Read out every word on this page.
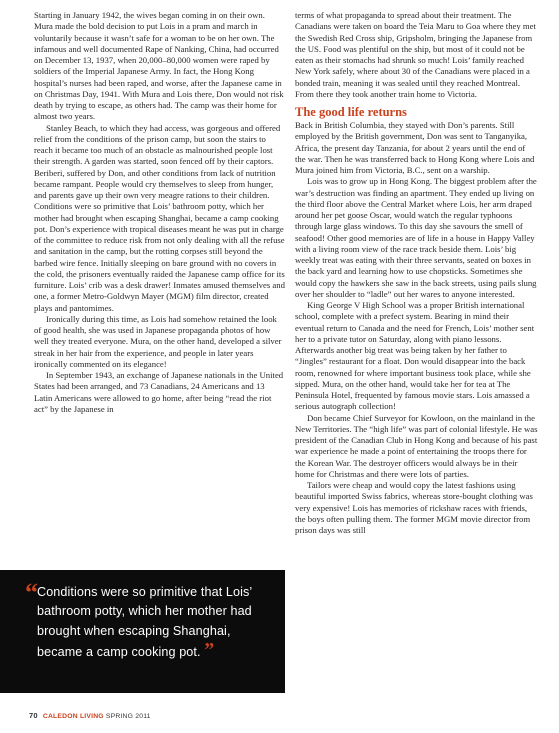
Starting in January 1942, the wives began coming in on their own. Mura made the bold decision to put Lois in a pram and march in voluntarily because it wasn’t safe for a woman to be on her own. The infamous and well documented Rape of Nanking, China, had occurred on December 13, 1937, when 20,000–80,000 women were raped by soldiers of the Imperial Japanese Army. In fact, the Hong Kong hospital’s nurses had been raped, and worse, after the Japanese came in on Christmas Day, 1941. With Mura and Lois there, Don would not risk death by trying to escape, as others had. The camp was their home for almost two years.

Stanley Beach, to which they had access, was gorgeous and offered relief from the conditions of the prison camp, but soon the stairs to reach it became too much of an obstacle as malnourished people lost their strength. A garden was started, soon fenced off by their captors. Beriberi, suffered by Don, and other conditions from lack of nutrition became rampant. People would cry themselves to sleep from hunger, and parents gave up their own very meagre rations to their children. Conditions were so primitive that Lois’ bathroom potty, which her mother had brought when escaping Shanghai, became a camp cooking pot. Don’s experience with tropical diseases meant he was put in charge of the committee to reduce risk from not only dealing with all the refuse and sanitation in the camp, but the rotting corpses still beyond the barbed wire fence. Initially sleeping on bare ground with no covers in the cold, the prisoners eventually raided the Japanese camp office for its furniture. Lois’ crib was a desk drawer! Inmates amused themselves and one, a former Metro-Goldwyn Mayer (MGM) film director, created plays and pantomimes.

Ironically during this time, as Lois had somehow retained the look of good health, she was used in Japanese propaganda photos of how well they treated everyone. Mura, on the other hand, developed a silver streak in her hair from the experience, and people in later years ironically commented on its elegance!

In September 1943, an exchange of Japanese nationals in the United States had been arranged, and 73 Canadians, 24 Americans and 13 Latin Americans were allowed to go home, after being “read the riot act” by the Japanese in

“ Conditions were so primitive that Lois’ bathroom potty, which her mother had brought when escaping Shanghai, became a camp cooking pot. ”

terms of what propaganda to spread about their treatment. The Canadians were taken on board the Teia Maru to Goa where they met the Swedish Red Cross ship, Gripsholm, bringing the Japanese from the US. Food was plentiful on the ship, but most of it could not be eaten as their stomachs had shrunk so much! Lois’ family reached New York safely, where about 30 of the Canadians were placed in a bonded train, meaning it was sealed until they reached Montreal. From there they took another train home to Victoria.

The good life returns

Back in British Columbia, they stayed with Don’s parents. Still employed by the British government, Don was sent to Tanganyika, Africa, the present day Tanzania, for about 2 years until the end of the war. Then he was transferred back to Hong Kong where Lois and Mura joined him from Victoria, B.C., sent on a warship.

Lois was to grow up in Hong Kong. The biggest problem after the war’s destruction was finding an apartment. They ended up living on the third floor above the Central Market where Lois, her arm draped around her pet goose Oscar, would watch the regular typhoons through large glass windows. To this day she savours the smell of seafood! Other good memories are of life in a house in Happy Valley with a living room view of the race track beside them. Lois’ big weekly treat was eating with their three servants, seated on boxes in the back yard and learning how to use chopsticks. Sometimes she would copy the hawkers she saw in the back streets, using pails slung over her shoulder to “ladle” out her wares to anyone interested.

King George V High School was a proper British international school, complete with a prefect system. Bearing in mind their eventual return to Canada and the need for French, Lois’ mother sent her to a private tutor on Saturday, along with piano lessons. Afterwards another big treat was being taken by her father to “Jingles” restaurant for a float. Don would disappear into the back room, renowned for where important business took place, while she sipped. Mura, on the other hand, would take her for tea at The Peninsula Hotel, frequented by famous movie stars. Lois amassed a serious autograph collection!

Don became Chief Surveyor for Kowloon, on the mainland in the New Territories. The “high life” was part of colonial lifestyle. He was president of the Canadian Club in Hong Kong and because of his past war experience he made a point of entertaining the troops there for the Korean War. The destroyer officers would always be in their home for Christmas and there were lots of parties.

Tailors were cheap and would copy the latest fashions using beautiful imported Swiss fabrics, whereas store-bought clothing was very expensive! Lois has memories of rickshaw races with friends, the boys often pulling them. The former MGM movie director from prison days was still

70 CALEDON LIVING SPRING 2011
